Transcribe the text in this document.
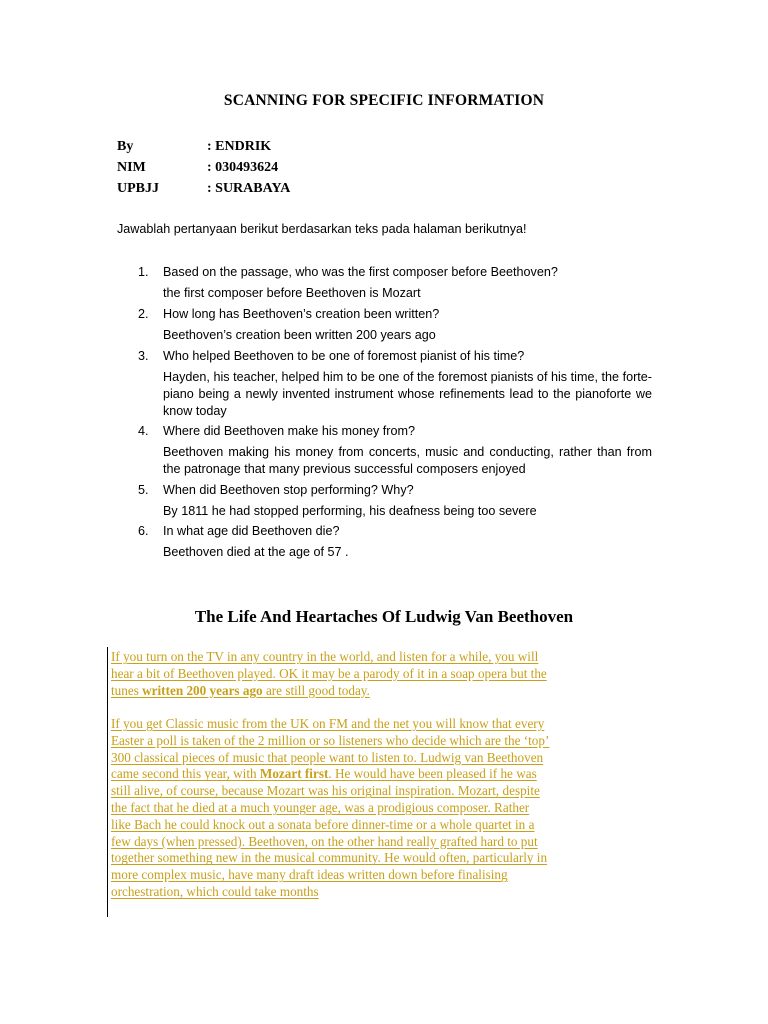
SCANNING FOR SPECIFIC INFORMATION
By	: ENDRIK
NIM	: 030493624
UPBJJ	: SURABAYA
Jawablah pertanyaan berikut berdasarkan teks pada halaman berikutnya!
1. Based on the passage, who was the first composer before Beethoven?
the first composer before Beethoven is Mozart
2. How long has Beethoven’s creation been written?
Beethoven’s creation been written 200 years ago
3. Who helped Beethoven to be one of foremost pianist of his time?
Hayden, his teacher, helped him to be one of the foremost pianists of his time, the forte-piano being a newly invented instrument whose refinements lead to the pianoforte we know today
4. Where did Beethoven make his money from?
Beethoven making his money from concerts, music and conducting, rather than from the patronage that many previous successful composers enjoyed
5. When did Beethoven stop performing? Why?
By 1811 he had stopped performing, his deafness being too severe
6. In what age did Beethoven die?
Beethoven died at the age of 57 .
The Life And Heartaches Of Ludwig Van Beethoven
If you turn on the TV in any country in the world, and listen for a while, you will
hear a bit of Beethoven played. OK it may be a parody of it in a soap opera but the
tunes written 200 years ago are still good today.
If you get Classic music from the UK on FM and the net you will know that every
Easter a poll is taken of the 2 million or so listeners who decide which are the ‘top’
300 classical pieces of music that people want to listen to. Ludwig van Beethoven
came second this year, with Mozart first. He would have been pleased if he was
still alive, of course, because Mozart was his original inspiration. Mozart, despite
the fact that he died at a much younger age, was a prodigious composer. Rather
like Bach he could knock out a sonata before dinner-time or a whole quartet in a
few days (when pressed). Beethoven, on the other hand really grafted hard to put
together something new in the musical community. He would often, particularly in
more complex music, have many draft ideas written down before finalising
orchestration, which could take months
